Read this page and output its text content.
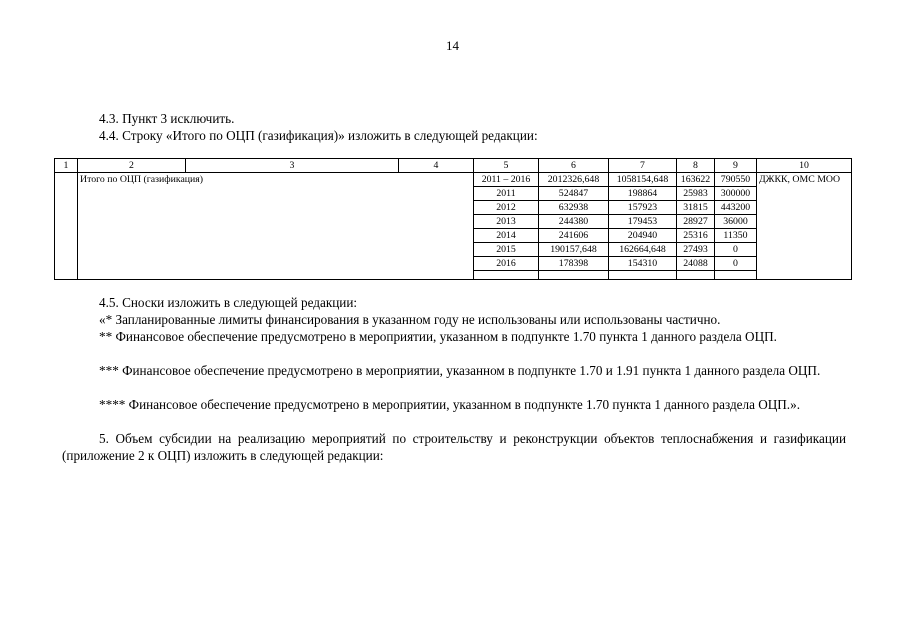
14
4.3. Пункт 3 исключить.
4.4. Строку «Итого по ОЦП (газификация)» изложить в следующей редакции:
1	2	3	4	5	6	7	8	9	10
	Итого по ОЦП (газификация)			2011 – 2016	2012326,648	1058154,648	163622	790550	ДЖКК, ОМС МОО
				2011	524847	198864	25983	300000	
				2012	632938	157923	31815	443200	
				2013	244380	179453	28927	36000	
				2014	241606	204940	25316	11350	
				2015	190157,648	162664,648	27493	0	
				2016	178398	154310	24088	0	

4.5. Сноски изложить в следующей редакции:
«* Запланированные лимиты финансирования в указанном году не использованы или использованы частично.
** Финансовое обеспечение предусмотрено в мероприятии, указанном в подпункте 1.70 пункта 1 данного раздела ОЦП.
*** Финансовое обеспечение предусмотрено в мероприятии, указанном в подпункте 1.70 и 1.91 пункта 1 данного раздела ОЦП.
**** Финансовое обеспечение предусмотрено в мероприятии, указанном в подпункте 1.70 пункта 1 данного раздела ОЦП.».
5. Объем субсидии на реализацию мероприятий по строительству и реконструкции объектов теплоснабжения и газификации (приложение 2 к ОЦП) изложить в следующей редакции:
